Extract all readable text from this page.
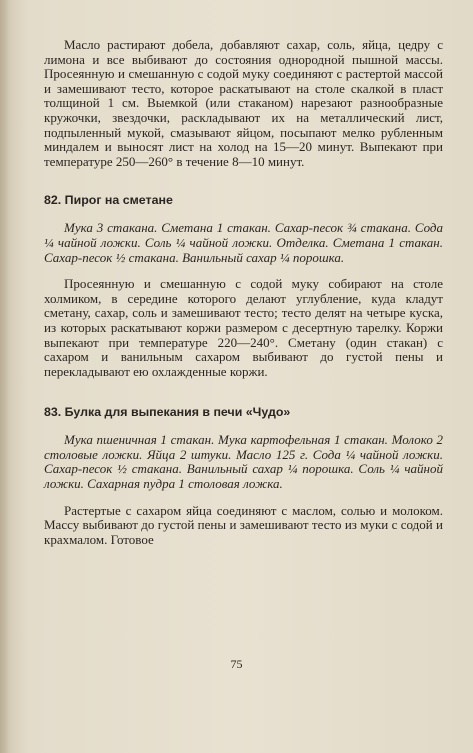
Масло растирают добела, добавляют сахар, соль, яйца, цедру с лимона и все выбивают до состояния однородной пышной массы. Просеянную и смешанную с содой муку соединяют с растертой массой и замешивают тесто, которое раскатывают на столе скалкой в пласт толщиной 1 см. Выемкой (или стаканом) нарезают разнообразные кружочки, звездочки, раскладывают их на металлический лист, подпыленный мукой, смазывают яйцом, посыпают мелко рубленным миндалем и выносят лист на холод на 15—20 минут. Выпекают при температуре 250—260° в течение 8—10 минут.

82. Пирог на сметане
Мука 3 стакана. Сметана 1 стакан. Сахар-песок ¾ стакана. Сода ¼ чайной ложки. Соль ¼ чайной ложки. Отделка. Сметана 1 стакан. Сахар-песок ½ стакана. Ванильный сахар ¼ порошка.

Просеянную и смешанную с содой муку собирают на столе холмиком, в середине которого делают углубление, куда кладут сметану, сахар, соль и замешивают тесто; тесто делят на четыре куска, из которых раскатывают коржи размером с десертную тарелку. Коржи выпекают при температуре 220—240°. Сметану (один стакан) с сахаром и ванильным сахаром выбивают до густой пены и перекладывают ею охлажденные коржи.

83. Булка для выпекания в печи «Чудо»
Мука пшеничная 1 стакан. Мука картофельная 1 стакан. Молоко 2 столовые ложки. Яйца 2 штуки. Масло 125 г. Сода ¼ чайной ложки. Сахар-песок ½ стакана. Ванильный сахар ¼ порошка. Соль ¼ чайной ложки. Сахарная пудра 1 столовая ложка.

Растертые с сахаром яйца соединяют с маслом, солью и молоком. Массу выбивают до густой пены и замешивают тесто из муки с содой и крахмалом. Готовое

75
